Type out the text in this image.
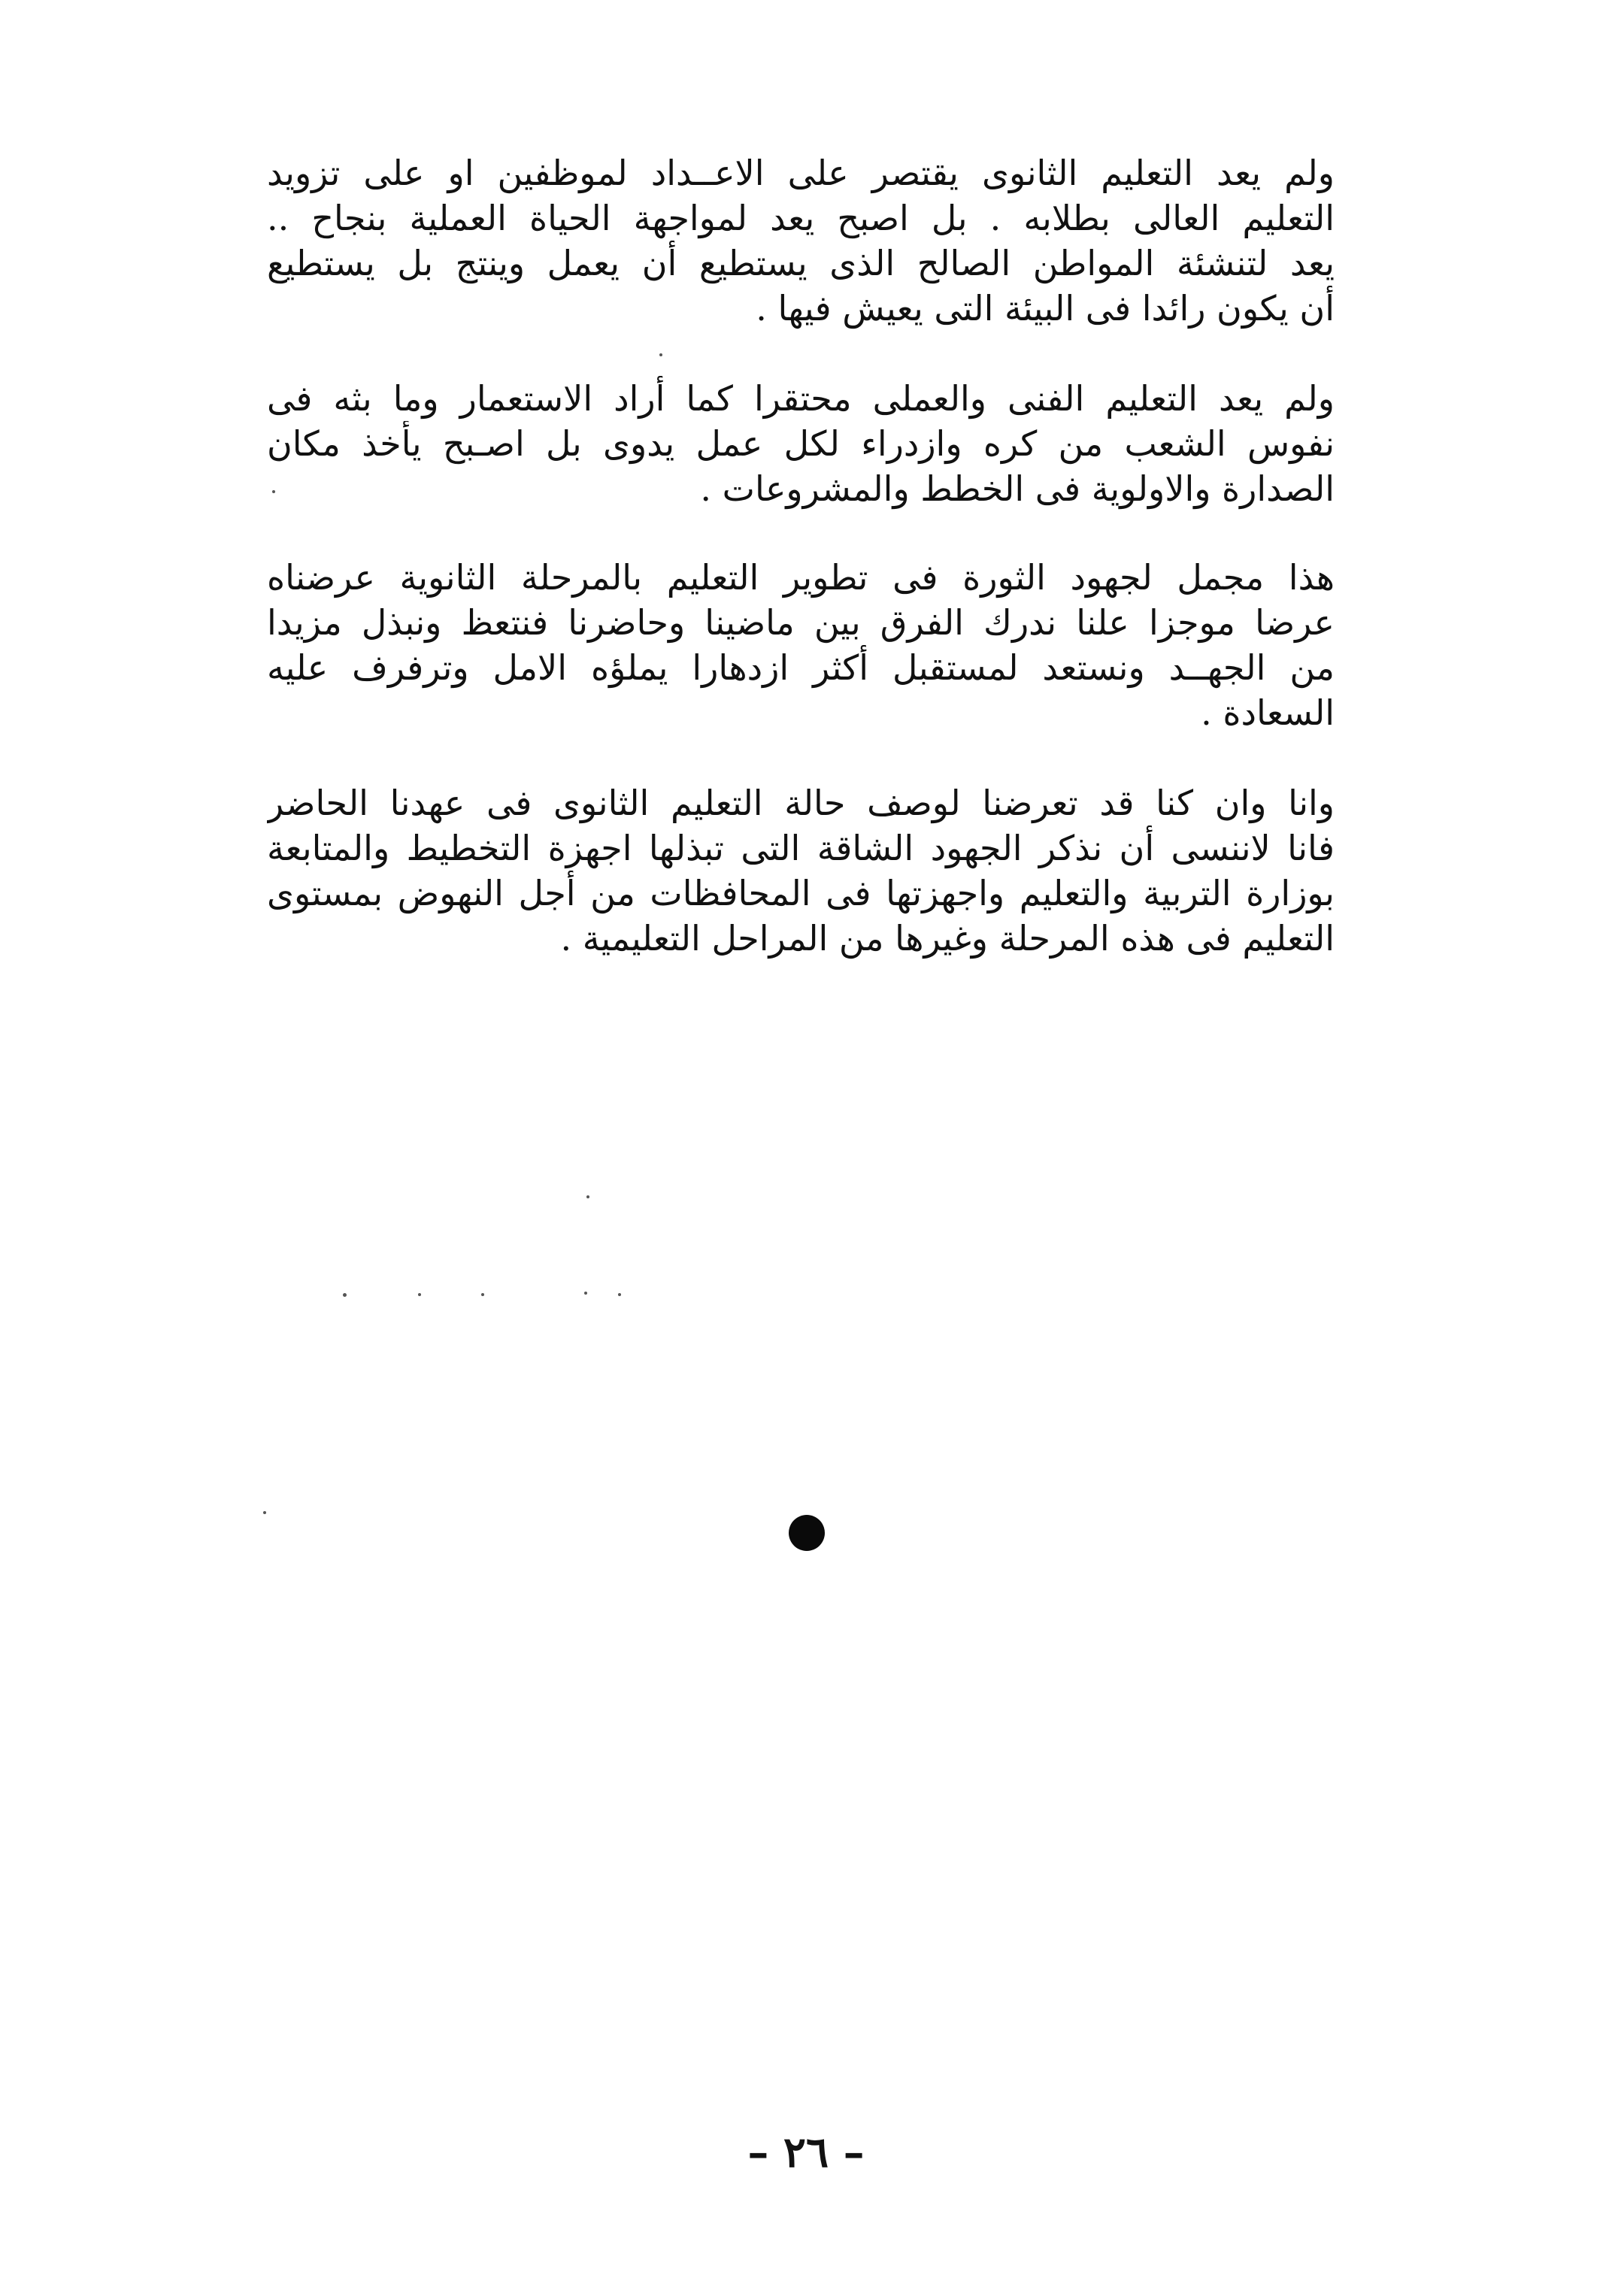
ولم يعد التعليم الثانوى يقتصر على الاعــداد لموظفين او على تزويد
التعليم العالى بطلابه . بل اصبح يعد لمواجهة الحياة العملية بنجاح ..
يعد لتنشئة المواطن الصالح الذى يستطيع أن يعمل وينتج بل يستطيع
أن يكون رائدا فى البيئة التى يعيش فيها .
ولم يعد التعليم الفنى والعملى محتقرا كما أراد الاستعمار وما بثه فى
نفوس الشعب من كره وازدراء لكل عمل يدوى بل اصـبح يأخذ مكان
الصدارة والاولوية فى الخطط والمشروعات .
هذا مجمل لجهود الثورة فى تطوير التعليم بالمرحلة الثانوية عرضناه
عرضا موجزا علنا ندرك الفرق بين ماضينا وحاضرنا فنتعظ ونبذل مزيدا
من الجهــد ونستعد لمستقبل أكثر ازدهارا يملؤه الامل وترفرف عليه
السعادة .
وانا وان كنا قد تعرضنا لوصف حالة التعليم الثانوى فى عهدنا الحاضر
فانا لاننسى أن نذكر الجهود الشاقة التى تبذلها اجهزة التخطيط والمتابعة
بوزارة التربية والتعليم واجهزتها فى المحافظات من أجل النهوض بمستوى
التعليم فى هذه المرحلة وغيرها من المراحل التعليمية .
– ٢٦ –
